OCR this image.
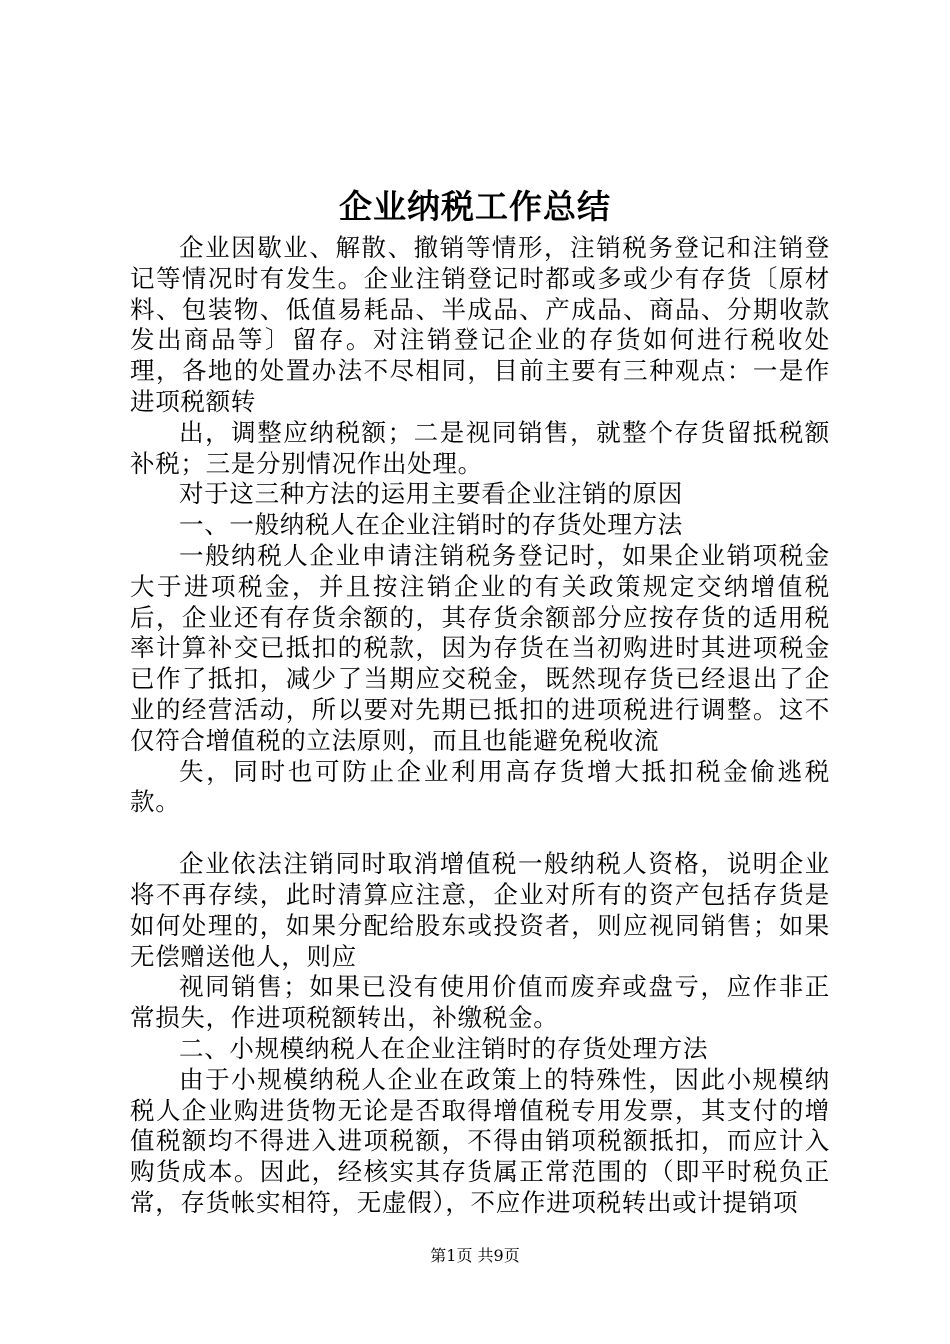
企业纳税工作总结

企业因歇业、解散、撤销等情形，注销税务登记和注销登记等情况时有发生。企业注销登记时都或多或少有存货〔原材料、包装物、低值易耗品、半成品、产成品、商品、分期收款发出商品等〕留存。对注销登记企业的存货如何进行税收处理，各地的处置办法不尽相同，目前主要有三种观点：一是作进项税额转

出，调整应纳税额；二是视同销售，就整个存货留抵税额补税；三是分别情况作出处理。

对于这三种方法的运用主要看企业注销的原因

一、一般纳税人在企业注销时的存货处理方法

一般纳税人企业申请注销税务登记时，如果企业销项税金大于进项税金，并且按注销企业的有关政策规定交纳增值税后，企业还有存货余额的，其存货余额部分应按存货的适用税率计算补交已抵扣的税款，因为存货在当初购进时其进项税金已作了抵扣，减少了当期应交税金，既然现存货已经退出了企业的经营活动，所以要对先期已抵扣的进项税进行调整。这不仅符合增值税的立法原则，而且也能避免税收流

失，同时也可防止企业利用高存货增大抵扣税金偷逃税款。

企业依法注销同时取消增值税一般纳税人资格，说明企业将不再存续，此时清算应注意，企业对所有的资产包括存货是如何处理的，如果分配给股东或投资者，则应视同销售；如果无偿赠送他人，则应

视同销售；如果已没有使用价值而废弃或盘亏，应作非正常损失，作进项税额转出，补缴税金。

二、小规模纳税人在企业注销时的存货处理方法

由于小规模纳税人企业在政策上的特殊性，因此小规模纳税人企业购进货物无论是否取得增值税专用发票，其支付的增值税额均不得进入进项税额，不得由销项税额抵扣，而应计入购货成本。因此，经核实其存货属正常范围的（即平时税负正常，存货帐实相符，无虚假），不应作进项税转出或计提销项

第1页 共9页
